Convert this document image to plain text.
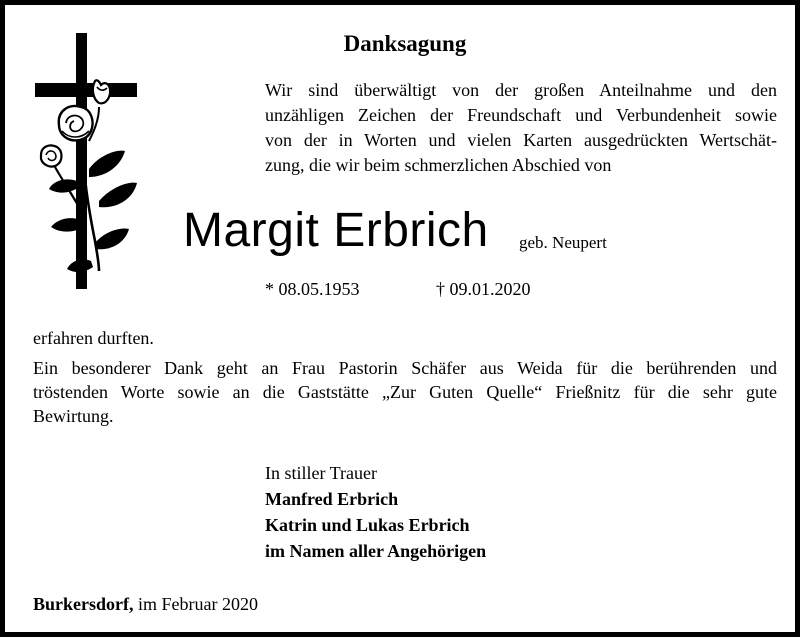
Danksagung

Wir sind überwältigt von der großen Anteilnahme und den
unzähligen Zeichen der Freundschaft und Verbundenheit sowie
von der in Worten und vielen Karten ausgedrückten Wertschät-
zung, die wir beim schmerzlichen Abschied von

Margit Erbrich geb. Neupert
* 08.05.1953	† 09.01.2020

erfahren durften.
Ein besonderer Dank geht an Frau Pastorin Schäfer aus Weida für die berührenden und
tröstenden Worte sowie an die Gaststätte „Zur Guten Quelle“ Frießnitz für die sehr gute
Bewirtung.

In stiller Trauer
Manfred Erbrich
Katrin und Lukas Erbrich
im Namen aller Angehörigen
Burkersdorf, im Februar 2020
